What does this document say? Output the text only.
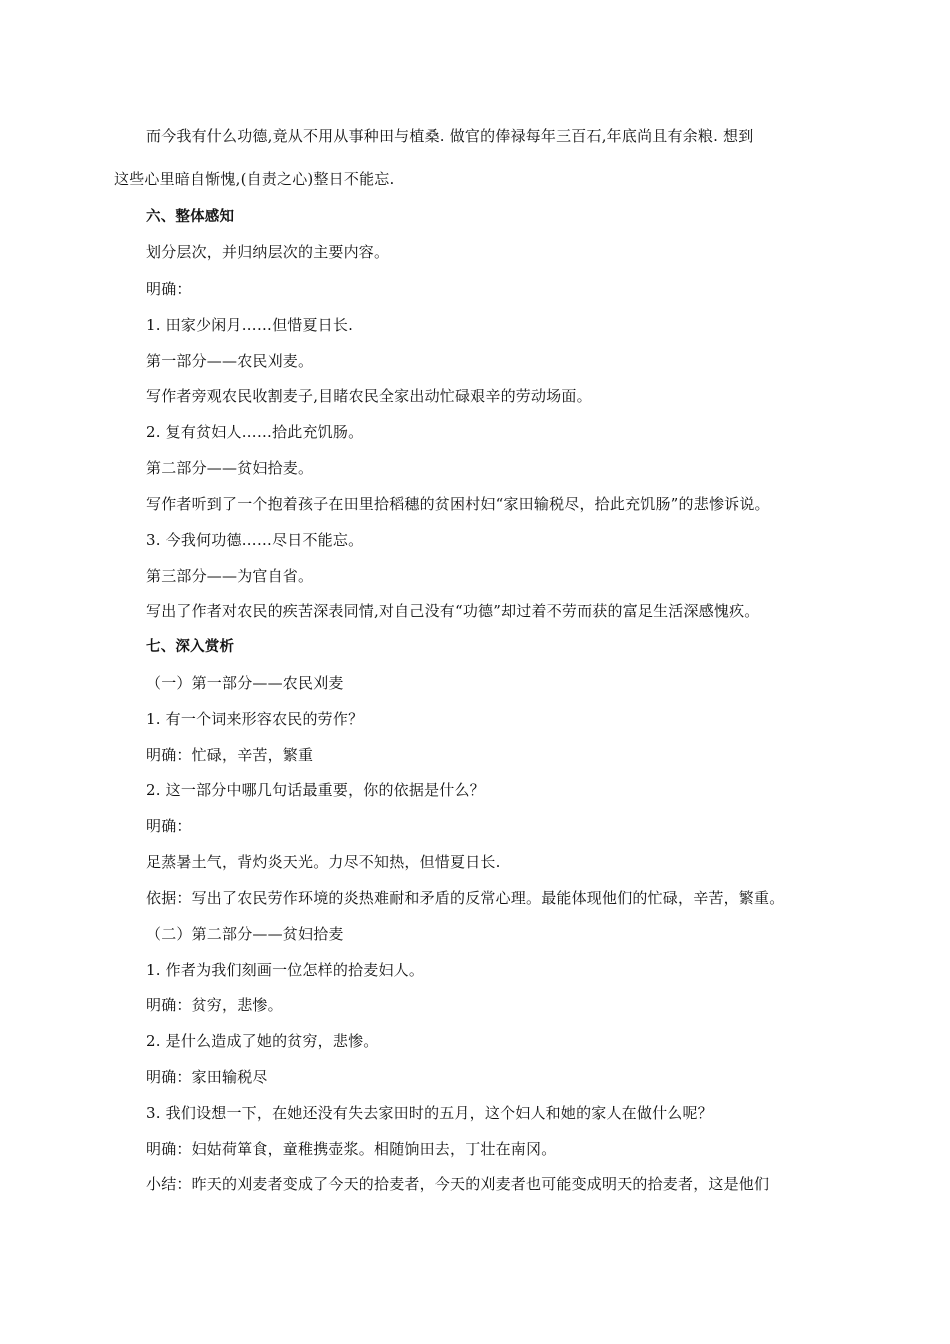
而今我有什么功德,竟从不用从事种田与植桑. 做官的俸禄每年三百石,年底尚且有余粮. 想到
这些心里暗自惭愧,(自责之心)整日不能忘.
六、整体感知
划分层次，并归纳层次的主要内容。
明确：
1. 田家少闲月……但惜夏日长.
第一部分——农民刈麦。
写作者旁观农民收割麦子,目睹农民全家出动忙碌艰辛的劳动场面。
2. 复有贫妇人……拾此充饥肠。
第二部分——贫妇拾麦。
写作者听到了一个抱着孩子在田里拾稻穗的贫困村妇“家田输税尽，拾此充饥肠”的悲惨诉说。
3. 今我何功德……尽日不能忘。
第三部分——为官自省。
写出了作者对农民的疾苦深表同情,对自己没有“功德”却过着不劳而获的富足生活深感愧疚。
七、深入赏析
（一）第一部分——农民刈麦
1. 有一个词来形容农民的劳作？
明确：忙碌，辛苦，繁重
2. 这一部分中哪几句话最重要，你的依据是什么？
明确：
足蒸暑土气，背灼炎天光。力尽不知热，但惜夏日长.
依据：写出了农民劳作环境的炎热难耐和矛盾的反常心理。最能体现他们的忙碌，辛苦，繁重。
（二）第二部分——贫妇拾麦
1. 作者为我们刻画一位怎样的拾麦妇人。
明确：贫穷，悲惨。
2. 是什么造成了她的贫穷，悲惨。
明确：家田输税尽
3. 我们设想一下，在她还没有失去家田时的五月，这个妇人和她的家人在做什么呢？
明确：妇姑荷箪食，童稚携壶浆。相随饷田去，丁壮在南冈。
小结：昨天的刈麦者变成了今天的拾麦者，今天的刈麦者也可能变成明天的拾麦者，这是他们
